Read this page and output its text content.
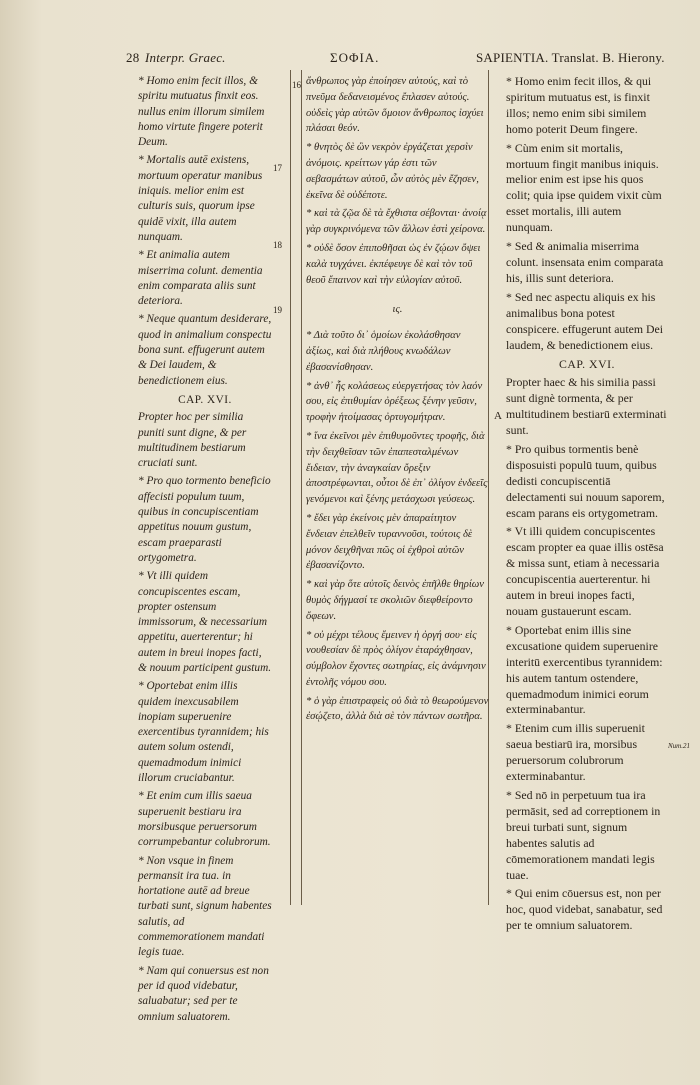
28 Interpr. Graec.	ΣΟΦΙΑ.	SAPIENTIA. Translat. B. Hierony.
16
17
18
19

* Homo enim fecit illos, & spiritu mutuatus finxit eos. nullus enim illorum similem homo virtute fingere poterit Deum.

* Mortalis autē existens, mortuum operatur manibus iniquis. melior enim est culturis suis, quorum ipse quidē vixit, illa autem nunquam.

* Et animalia autem miserrima colunt. dementia enim comparata aliis sunt deteriora.

* Neque quantum desiderare, quod in animalium conspectu bona sunt. effugerunt autem & Dei laudem, & benedictionem eius.

CAP. XVI.

Propter hoc per similia puniti sunt digne, & per multitudinem bestiarum cruciati sunt.

* Pro quo tormento beneficio affecisti populum tuum, quibus in concupiscentiam appetitus nouum gustum, escam praeparasti ortygometra.

* Vt illi quidem concupiscentes escam, propter ostensum immissorum, & necessarium appetitu, auerterentur; hi autem in breui inopes facti, & nouum participent gustum.

* Oportebat enim illis quidem inexcusabilem inopiam superuenire exercentibus tyrannidem; his autem solum ostendi, quemadmodum inimici illorum cruciabantur.

* Et enim cum illis saeua superuenit bestiaru ira morsibusque peruersorum corrumpebantur colubrorum.

* Non vsque in finem permansit ira tua. in hortatione autē ad breue turbati sunt, signum habentes salutis, ad commemorationem mandati legis tuae.

* Nam qui conuersus est non per id quod videbatur, saluabatur; sed per te omnium saluatorem.

ἄνθρωπος γὰρ ἐποίησεν αὐτούς, καὶ τὸ πνεῦμα δεδανεισμένος ἔπλασεν αὐτούς. οὐδεὶς γὰρ αὐτῶν ὅμοιον ἄνθρωπος ἰσχύει πλάσαι θεόν.

* θνητὸς δὲ ὢν νεκρὸν ἐργάζεται χερσὶν ἀνόμοις. κρείττων γάρ ἐστι τῶν σεβασμάτων αὐτοῦ, ὧν αὐτὸς μὲν ἔζησεν, ἐκεῖνα δὲ οὐδέποτε.

* καὶ τὰ ζῷα δὲ τὰ ἔχθιστα σέβονται· ἀνοίᾳ γὰρ συγκρινόμενα τῶν ἄλλων ἐστὶ χείρονα.

* οὐδὲ ὅσον ἐπιποθῆσαι ὡς ἐν ζῴων ὄψει καλὰ τυγχάνει. ἐκπέφευγε δὲ καὶ τὸν τοῦ θεοῦ ἔπαινον καὶ τὴν εὐλογίαν αὐτοῦ.

ις.

* Διὰ τοῦτο δι᾽ ὁμοίων ἐκολάσθησαν ἀξίως, καὶ διὰ πλήθους κνωδάλων ἐβασανίσθησαν.

* ἀνθ᾽ ἧς κολάσεως εὐεργετήσας τὸν λαόν σου, εἰς ἐπιθυμίαν ὀρέξεως ξένην γεῦσιν, τροφὴν ἡτοίμασας ὀρτυγομήτραν.

* ἵνα ἐκεῖνοι μὲν ἐπιθυμοῦντες τροφῆς, διὰ τὴν δειχθεῖσαν τῶν ἐπαπεσταλμένων ἔιδειαν, τὴν ἀναγκαίαν ὄρεξιν ἀποστρέφωνται, οὗτοι δὲ ἐπ᾽ ὀλίγον ἐνδεεῖς γενόμενοι καὶ ξένης μετάσχωσι γεύσεως.

* ἔδει γὰρ ἐκείνοις μὲν ἀπαραίτητον ἔνδειαν ἐπελθεῖν τυραννοῦσι, τούτοις δὲ μόνον δειχθῆναι πῶς οἱ ἐχθροὶ αὐτῶν ἐβασανίζοντο.

* καὶ γὰρ ὅτε αὐτοῖς δεινὸς ἐπῆλθε θηρίων θυμὸς δήγμασί τε σκολιῶν διεφθείροντο ὄφεων.

* οὐ μέχρι τέλους ἔμεινεν ἡ ὀργή σου· εἰς νουθεσίαν δὲ πρὸς ὀλίγον ἐταράχθησαν, σύμβολον ἔχοντες σωτηρίας, εἰς ἀνάμνησιν ἐντολῆς νόμου σου.

* ὁ γὰρ ἐπιστραφεὶς οὐ διὰ τὸ θεωρούμενον ἐσῴζετο, ἀλλὰ διὰ σὲ τὸν πάντων σωτῆρα.

A

* Homo enim fecit illos, & qui spiritum mutuatus est, is finxit illos; nemo enim sibi similem homo poterit Deum fingere.

* Cùm enim sit mortalis, mortuum fingit manibus iniquis. melior enim est ipse his quos colit; quia ipse quidem vixit cùm esset mortalis, illi autem nunquam.

* Sed & animalia miserrima colunt. insensata enim comparata his, illis sunt deteriora.

* Sed nec aspectu aliquis ex his animalibus bona potest conspicere. effugerunt autem Dei laudem, & benedictionem eius.

CAP. XVI.

Propter haec & his similia passi sunt dignè tormenta, & per multitudinem bestiarū exterminati sunt.

* Pro quibus tormentis benè disposuisti populū tuum, quibus dedisti concupiscentiā delectamenti sui nouum saporem, escam parans eis ortygometram.

* Vt illi quidem concupiscentes escam propter ea quae illis ostēsa & missa sunt, etiam à necessaria concupiscentia auerterentur. hi autem in breui inopes facti, nouam gustauerunt escam.

* Oportebat enim illis sine excusatione quidem superuenire interitū exercentibus tyrannidem: his autem tantum ostendere, quemadmodum inimici eorum exterminabantur.

* Etenim cum illis superuenit saeua bestiarū ira, morsibus peruersorum colubrorum exterminabantur.

* Sed nō in perpetuum tua ira permāsit, sed ad correptionem in breui turbati sunt, signum habentes salutis ad cōmemorationem mandati legis tuae.

* Qui enim cōuersus est, non per hoc, quod videbat, sanabatur, sed per te omnium saluatorem.

Num.21
